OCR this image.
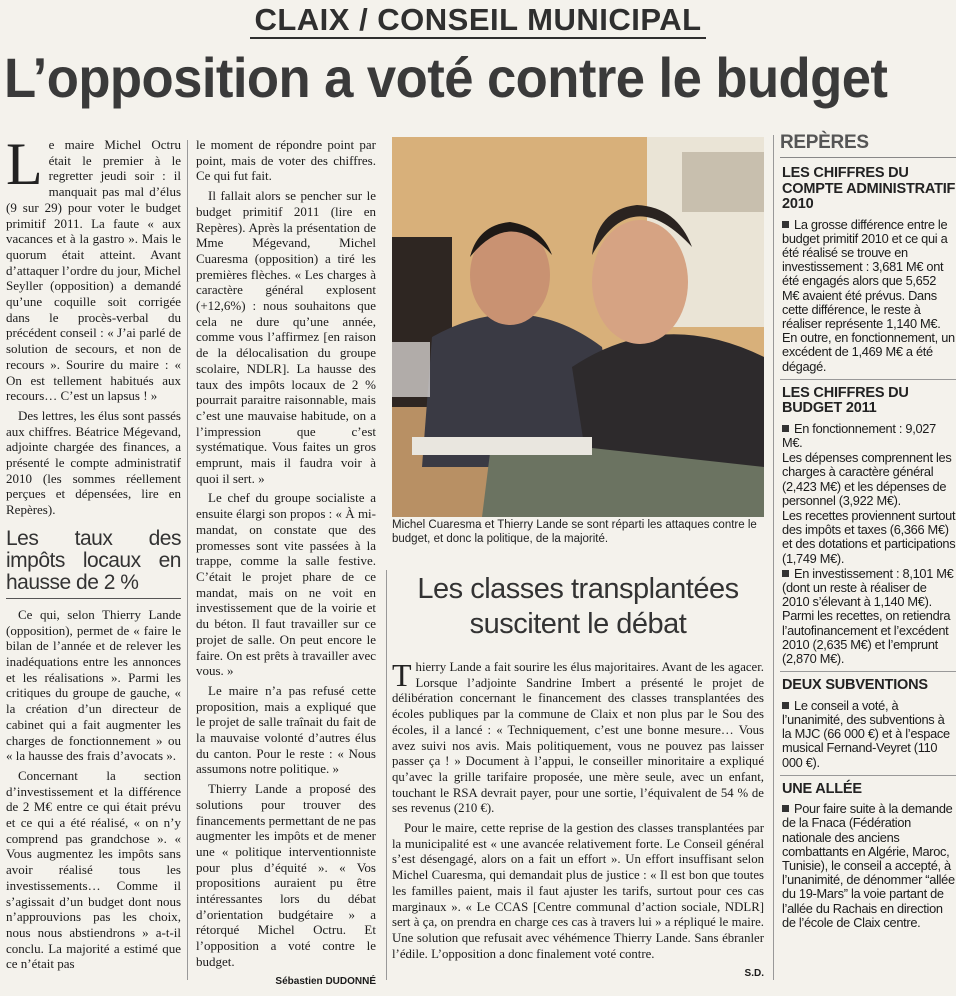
CLAIX / CONSEIL MUNICIPAL
L’opposition a voté contre le budget

Le maire Michel Octru était le premier à le regretter jeudi soir : il manquait pas mal d’élus (9 sur 29) pour voter le budget primitif 2011. La faute « aux vacances et à la gastro ». Mais le quorum était atteint. Avant d’attaquer l’ordre du jour, Michel Seyller (opposition) a demandé qu’une coquille soit corrigée dans le procès-verbal du précédent conseil : « J’ai parlé de solution de secours, et non de recours ». Sourire du maire : « On est tellement habitués aux recours… C’est un lapsus ! »

Des lettres, les élus sont passés aux chiffres. Béatrice Mégevand, adjointe chargée des finances, a présenté le compte administratif 2010 (les sommes réellement perçues et dépensées, lire en Repères).

Les taux des impôts locaux en hausse de 2 %

Ce qui, selon Thierry Lande (opposition), permet de « faire le bilan de l’année et de relever les inadéquations entre les annonces et les réalisations ». Parmi les critiques du groupe de gauche, « la création d’un directeur de cabinet qui a fait augmenter les charges de fonctionnement » ou « la hausse des frais d’avocats ».

Concernant la section d’investissement et la différence de 2 M€ entre ce qui était prévu et ce qui a été réalisé, « on n’y comprend pas grandchose ». « Vous augmentez les impôts sans avoir réalisé tous les investissements… Comme il s’agissait d’un budget dont nous n’approuvions pas les choix, nous nous abstiendrons » a-t-il conclu. La majorité a estimé que ce n’était pas

le moment de répondre point par point, mais de voter des chiffres. Ce qui fut fait.

Il fallait alors se pencher sur le budget primitif 2011 (lire en Repères). Après la présentation de Mme Mégevand, Michel Cuaresma (opposition) a tiré les premières flèches. « Les charges à caractère général explosent (+12,6%) : nous souhaitons que cela ne dure qu’une année, comme vous l’affirmez [en raison de la délocalisation du groupe scolaire, NDLR]. La hausse des taux des impôts locaux de 2 % pourrait paraitre raisonnable, mais c’est une mauvaise habitude, on a l’impression que c’est systématique. Vous faites un gros emprunt, mais il faudra voir à quoi il sert. »

Le chef du groupe socialiste a ensuite élargi son propos : « À mi-mandat, on constate que des promesses sont vite passées à la trappe, comme la salle festive. C’était le projet phare de ce mandat, mais on ne voit en investissement que de la voirie et du béton. Il faut travailler sur ce projet de salle. On peut encore le faire. On est prêts à travailler avec vous. »

Le maire n’a pas refusé cette proposition, mais a expliqué que le projet de salle traînait du fait de la mauvaise volonté d’autres élus du canton. Pour le reste : « Nous assumons notre politique. »

Thierry Lande a proposé des solutions pour trouver des financements permettant de ne pas augmenter les impôts et de mener une « politique interventionniste pour plus d’équité ». « Vos propositions auraient pu être intéressantes lors du débat d’orientation budgétaire » a rétorqué Michel Octru. Et l’opposition a voté contre le budget.

Sébastien DUDONNÉ
Michel Cuaresma et Thierry Lande se sont réparti les attaques contre le budget, et donc la politique, de la majorité.
Les classes transplantées suscitent le débat

Thierry Lande a fait sourire les élus majoritaires. Avant de les agacer. Lorsque l’adjointe Sandrine Imbert a présenté le projet de délibération concernant le financement des classes transplantées des écoles publiques par la commune de Claix et non plus par le Sou des écoles, il a lancé : « Techniquement, c’est une bonne mesure… Vous avez suivi nos avis. Mais politiquement, vous ne pouvez pas laisser passer ça ! » Document à l’appui, le conseiller minoritaire a expliqué qu’avec la grille tarifaire proposée, une mère seule, avec un enfant, touchant le RSA devrait payer, pour une sortie, l’équivalent de 54 % de ses revenus (210 €).

Pour le maire, cette reprise de la gestion des classes transplantées par la municipalité est « une avancée relativement forte. Le Conseil général s’est désengagé, alors on a fait un effort ». Un effort insuffisant selon Michel Cuaresma, qui demandait plus de justice : « Il est bon que toutes les familles paient, mais il faut ajuster les tarifs, surtout pour ces cas marginaux ». « Le CCAS [Centre communal d’action sociale, NDLR] sert à ça, on prendra en charge ces cas à travers lui » a répliqué le maire. Une solution que refusait avec véhémence Thierry Lande. Sans ébranler l’édile. L’opposition a donc finalement voté contre.

S.D.
REPÈRES
LES CHIFFRES DU COMPTE ADMINISTRATIF 2010
La grosse différence entre le budget primitif 2010 et ce qui a été réalisé se trouve en investissement : 3,681 M€ ont été engagés alors que 5,652 M€ avaient été prévus. Dans cette différence, le reste à réaliser représente 1,140 M€. En outre, en fonctionnement, un excédent de 1,469 M€ a été dégagé.
LES CHIFFRES DU BUDGET 2011
En fonctionnement : 9,027 M€.
Les dépenses comprennent les charges à caractère général (2,423 M€) et les dépenses de personnel (3,922 M€).
Les recettes proviennent surtout des impôts et taxes (6,366 M€) et des dotations et participations (1,749 M€).
En investissement : 8,101 M€ (dont un reste à réaliser de 2010 s’élevant à 1,140 M€). Parmi les recettes, on retiendra l’autofinancement et l’excédent 2010 (2,635 M€) et l’emprunt (2,870 M€).
DEUX SUBVENTIONS
Le conseil a voté, à l’unanimité, des subventions à la MJC (66 000 €) et à l’espace musical Fernand-Veyret (110 000 €).
UNE ALLÉE
Pour faire suite à la demande de la Fnaca (Fédération nationale des anciens combattants en Algérie, Maroc, Tunisie), le conseil a accepté, à l’unanimité, de dénommer “allée du 19-Mars” la voie partant de l’allée du Rachais en direction de l’école de Claix centre.
